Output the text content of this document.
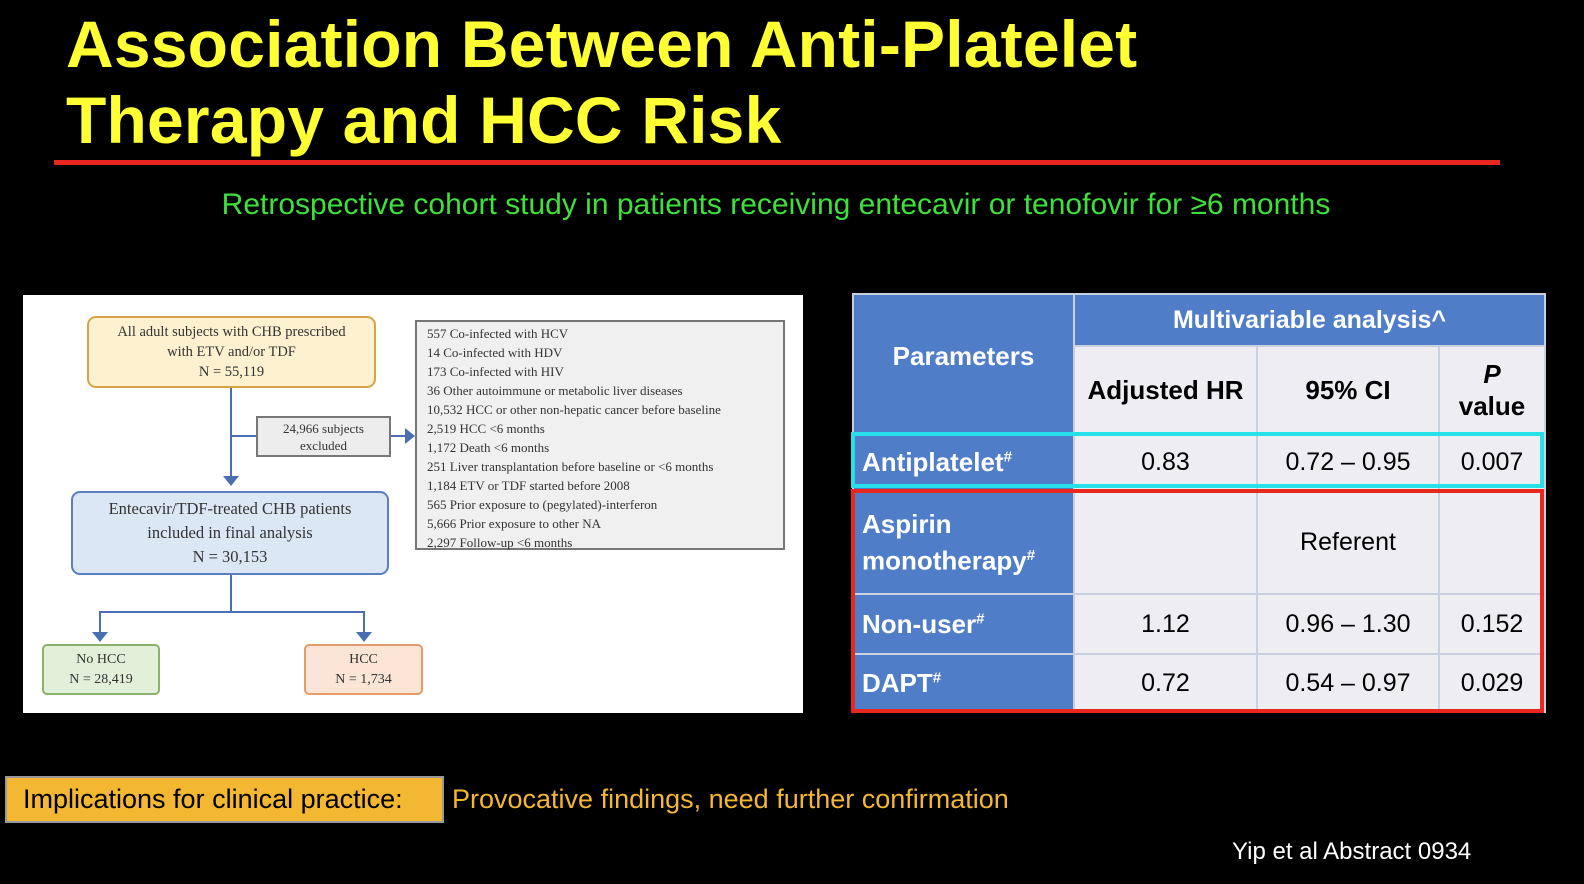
Association Between Anti-Platelet
Therapy and HCC Risk
Retrospective cohort study in patients receiving entecavir or tenofovir for ≥6 months
All adult subjects with CHB prescribed
with ETV and/or TDF
N = 55,119
24,966 subjects
excluded
557 Co-infected with HCV
14 Co-infected with HDV
173 Co-infected with HIV
36 Other autoimmune or metabolic liver diseases
10,532 HCC or other non-hepatic cancer before baseline
2,519 HCC <6 months
1,172 Death <6 months
251 Liver transplantation before baseline or <6 months
1,184 ETV or TDF started before 2008
565 Prior exposure to (pegylated)-interferon
5,666 Prior exposure to other NA
2,297 Follow-up <6 months
Entecavir/TDF-treated CHB patients
included in final analysis
N = 30,153
No HCC
N = 28,419
HCC
N = 1,734
Parameters	Multivariable analysis^		
	Adjusted HR	95% CI	P
value

Antiplatelet#	0.83	0.72 – 0.95	0.007

Aspirin
monotherapy#		Referent	
Non-user#	1.12	0.96 – 1.30	0.152
DAPT#	0.72	0.54 – 0.97	0.029
Implications for clinical practice:	Provocative findings, need further confirmation
Yip et al Abstract 0934
